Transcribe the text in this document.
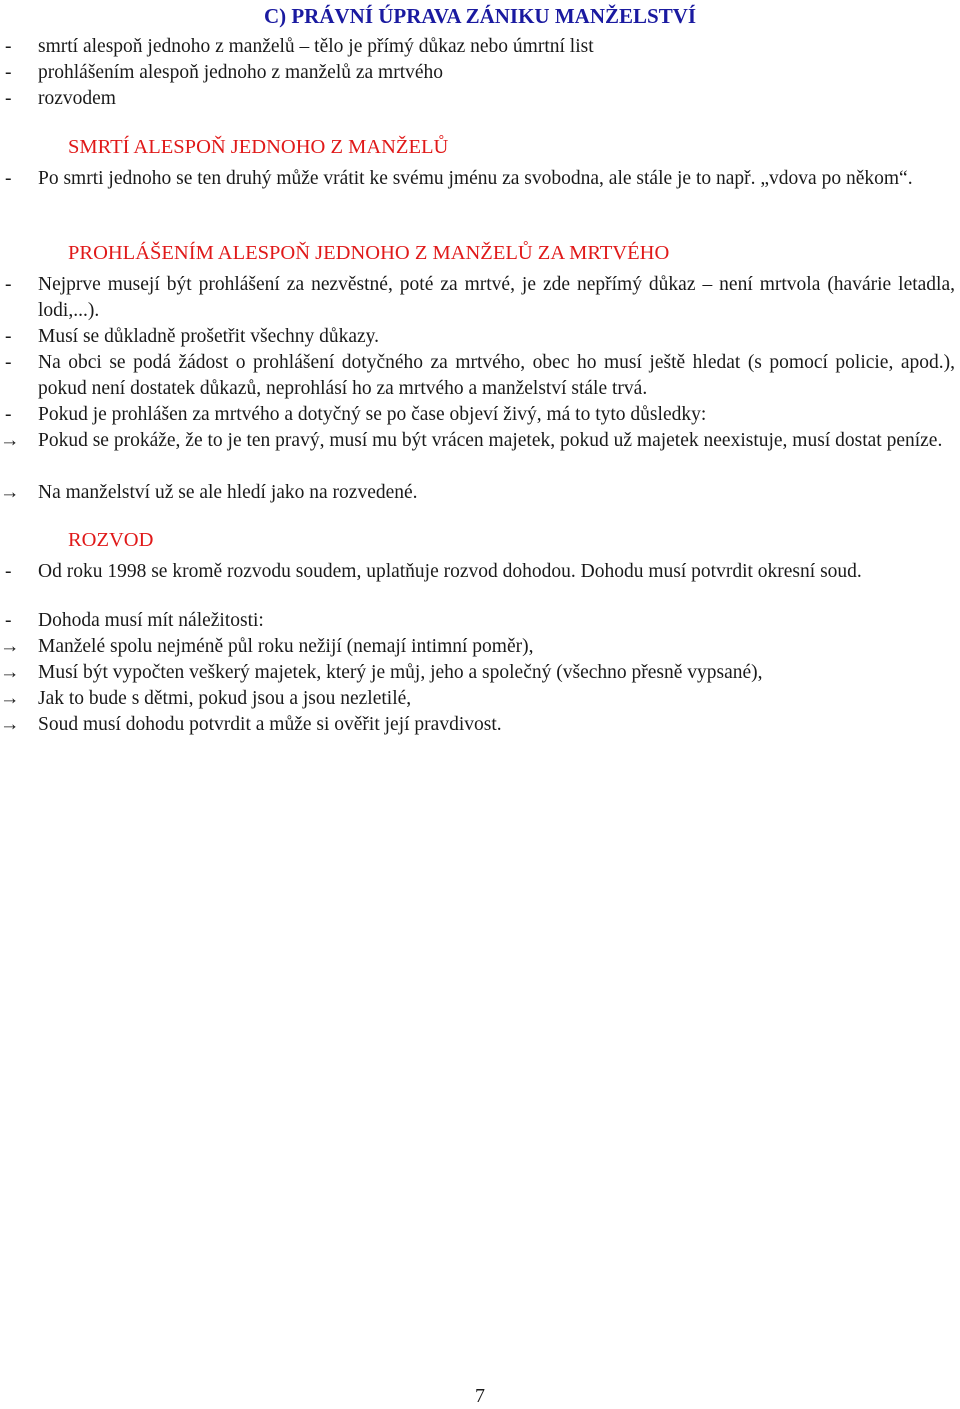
C) PRÁVNÍ ÚPRAVA ZÁNIKU MANŽELSTVÍ
- smrtí alespoň jednoho z manželů – tělo je přímý důkaz nebo úmrtní list
- prohlášením alespoň jednoho z manželů za mrtvého
- rozvodem
SMRTÍ ALESPOŇ JEDNOHO Z MANŽELŮ
- Po smrti jednoho se ten druhý může vrátit ke svému jménu za svobodna, ale stále je to např. „vdova po někom“.
PROHLÁŠENÍM ALESPOŇ JEDNOHO Z MANŽELŮ ZA MRTVÉHO
- Nejprve musejí být prohlášení za nezvěstné, poté za mrtvé, je zde nepřímý důkaz – není mrtvola (havárie letadla, lodi,...).
- Musí se důkladně prošetřit všechny důkazy.
- Na obci se podá žádost o prohlášení dotyčného za mrtvého, obec ho musí ještě hledat (s pomocí policie, apod.), pokud není dostatek důkazů, neprohlásí ho za mrtvého a manželství stále trvá.
- Pokud je prohlášen za mrtvého a dotyčný se po čase objeví živý, má to tyto důsledky:
→ Pokud se prokáže, že to je ten pravý, musí mu být vrácen majetek, pokud už majetek neexistuje, musí dostat peníze.
→ Na manželství už se ale hledí jako na rozvedené.
ROZVOD
- Od roku 1998 se kromě rozvodu soudem, uplatňuje rozvod dohodou. Dohodu musí potvrdit okresní soud.
- Dohoda musí mít náležitosti:
→ Manželé spolu nejméně půl roku nežijí (nemají intimní poměr),
→ Musí být vypočten veškerý majetek, který je můj, jeho a společný (všechno přesně vypsané),
→ Jak to bude s dětmi, pokud jsou a jsou nezletilé,
→ Soud musí dohodu potvrdit a může si ověřit její pravdivost.
7
